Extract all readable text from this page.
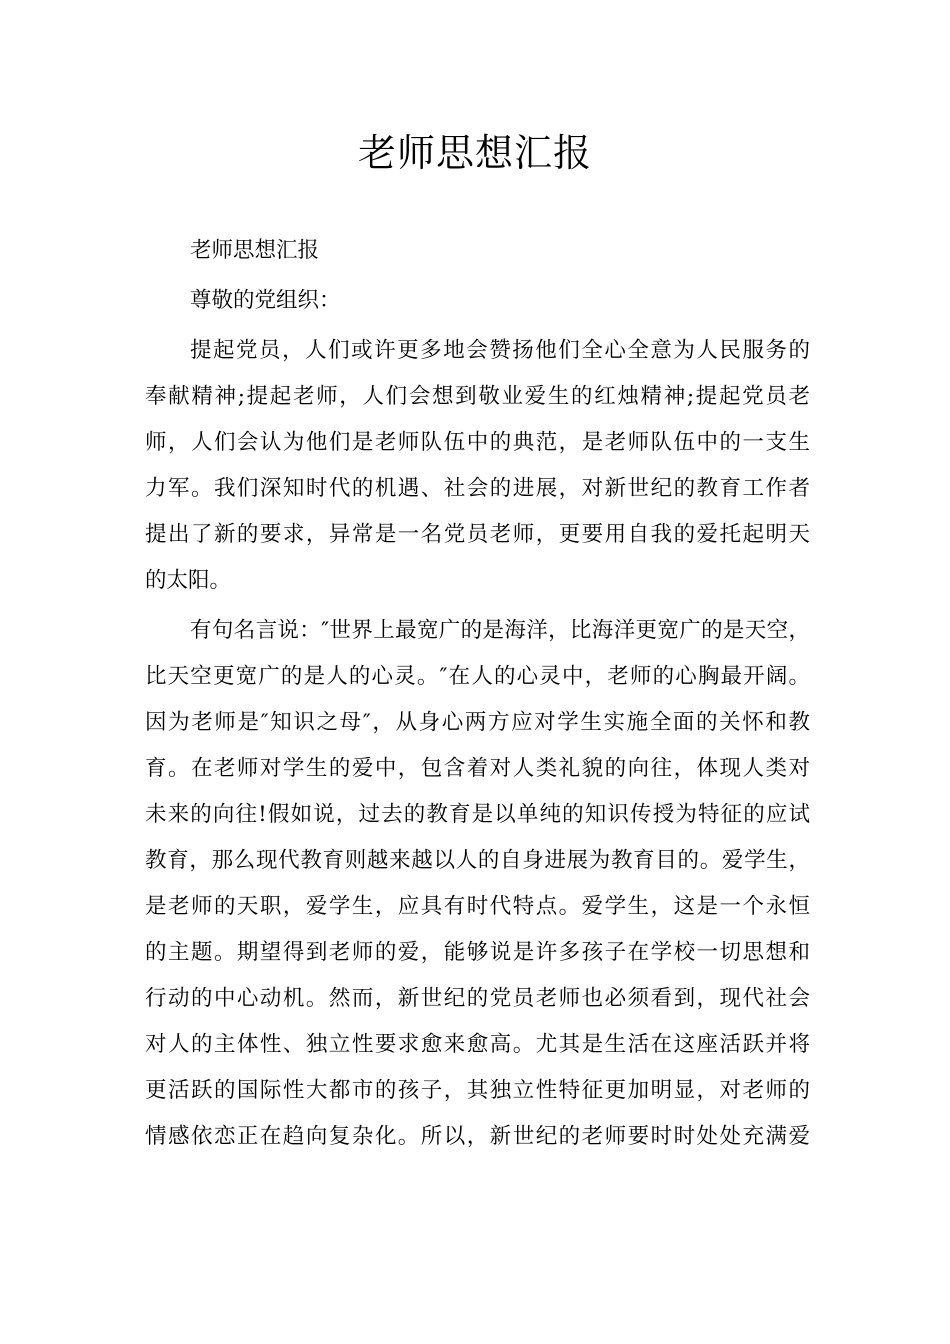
老师思想汇报
老师思想汇报
尊敬的党组织：
提起党员，人们或许更多地会赞扬他们全心全意为人民服务的
奉献精神;提起老师，人们会想到敬业爱生的红烛精神;提起党员老
师，人们会认为他们是老师队伍中的典范，是老师队伍中的一支生
力军。我们深知时代的机遇、社会的进展，对新世纪的教育工作者
提出了新的要求，异常是一名党员老师，更要用自我的爱托起明天
的太阳。
有句名言说：″世界上最宽广的是海洋，比海洋更宽广的是天空，
比天空更宽广的是人的心灵。″在人的心灵中，老师的心胸最开阔。
因为老师是″知识之母″，从身心两方应对学生实施全面的关怀和教
育。在老师对学生的爱中，包含着对人类礼貌的向往，体现人类对
未来的向往!假如说，过去的教育是以单纯的知识传授为特征的应试
教育，那么现代教育则越来越以人的自身进展为教育目的。爱学生，
是老师的天职，爱学生，应具有时代特点。爱学生，这是一个永恒
的主题。期望得到老师的爱，能够说是许多孩子在学校一切思想和
行动的中心动机。然而，新世纪的党员老师也必须看到，现代社会
对人的主体性、独立性要求愈来愈高。尤其是生活在这座活跃并将
更活跃的国际性大都市的孩子，其独立性特征更加明显，对老师的
情感依恋正在趋向复杂化。所以，新世纪的老师要时时处处充满爱
